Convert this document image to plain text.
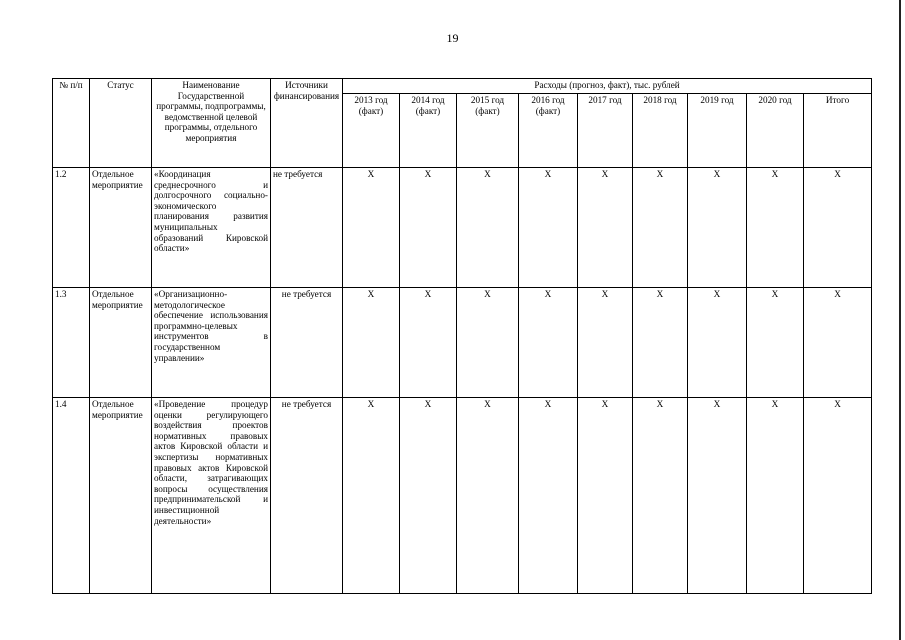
19
№ п/п	Статус	Наименование Государственной программы, подпрограммы, ведомственной целевой программы, отдельного мероприятия	Источники финансирования	Расходы (прогноз, факт), тыс. рублей								
				2013 год (факт)	2014 год (факт)	2015 год (факт)	2016 год (факт)	2017 год	2018 год	2019 год	2020 год	Итого
1.2	Отдельное мероприятие	«Координация среднесрочного и долгосрочного социально-экономического планирования развития муниципальных образований Кировской области»	не требуется	X	X	X	X	X	X	X	X	X
1.3	Отдельное мероприятие	«Организационно-методологическое обеспечение использования программно-целевых инструментов в государственном управлении»	не требуется	X	X	X	X	X	X	X	X	X
1.4	Отдельное мероприятие	«Проведение процедур оценки регулирующего воздействия проектов нормативных правовых актов Кировской области и экспертизы нормативных правовых актов Кировской области, затрагивающих вопросы осуществления предпринимательской и инвестиционной деятельности»	не требуется	X	X	X	X	X	X	X	X	X
